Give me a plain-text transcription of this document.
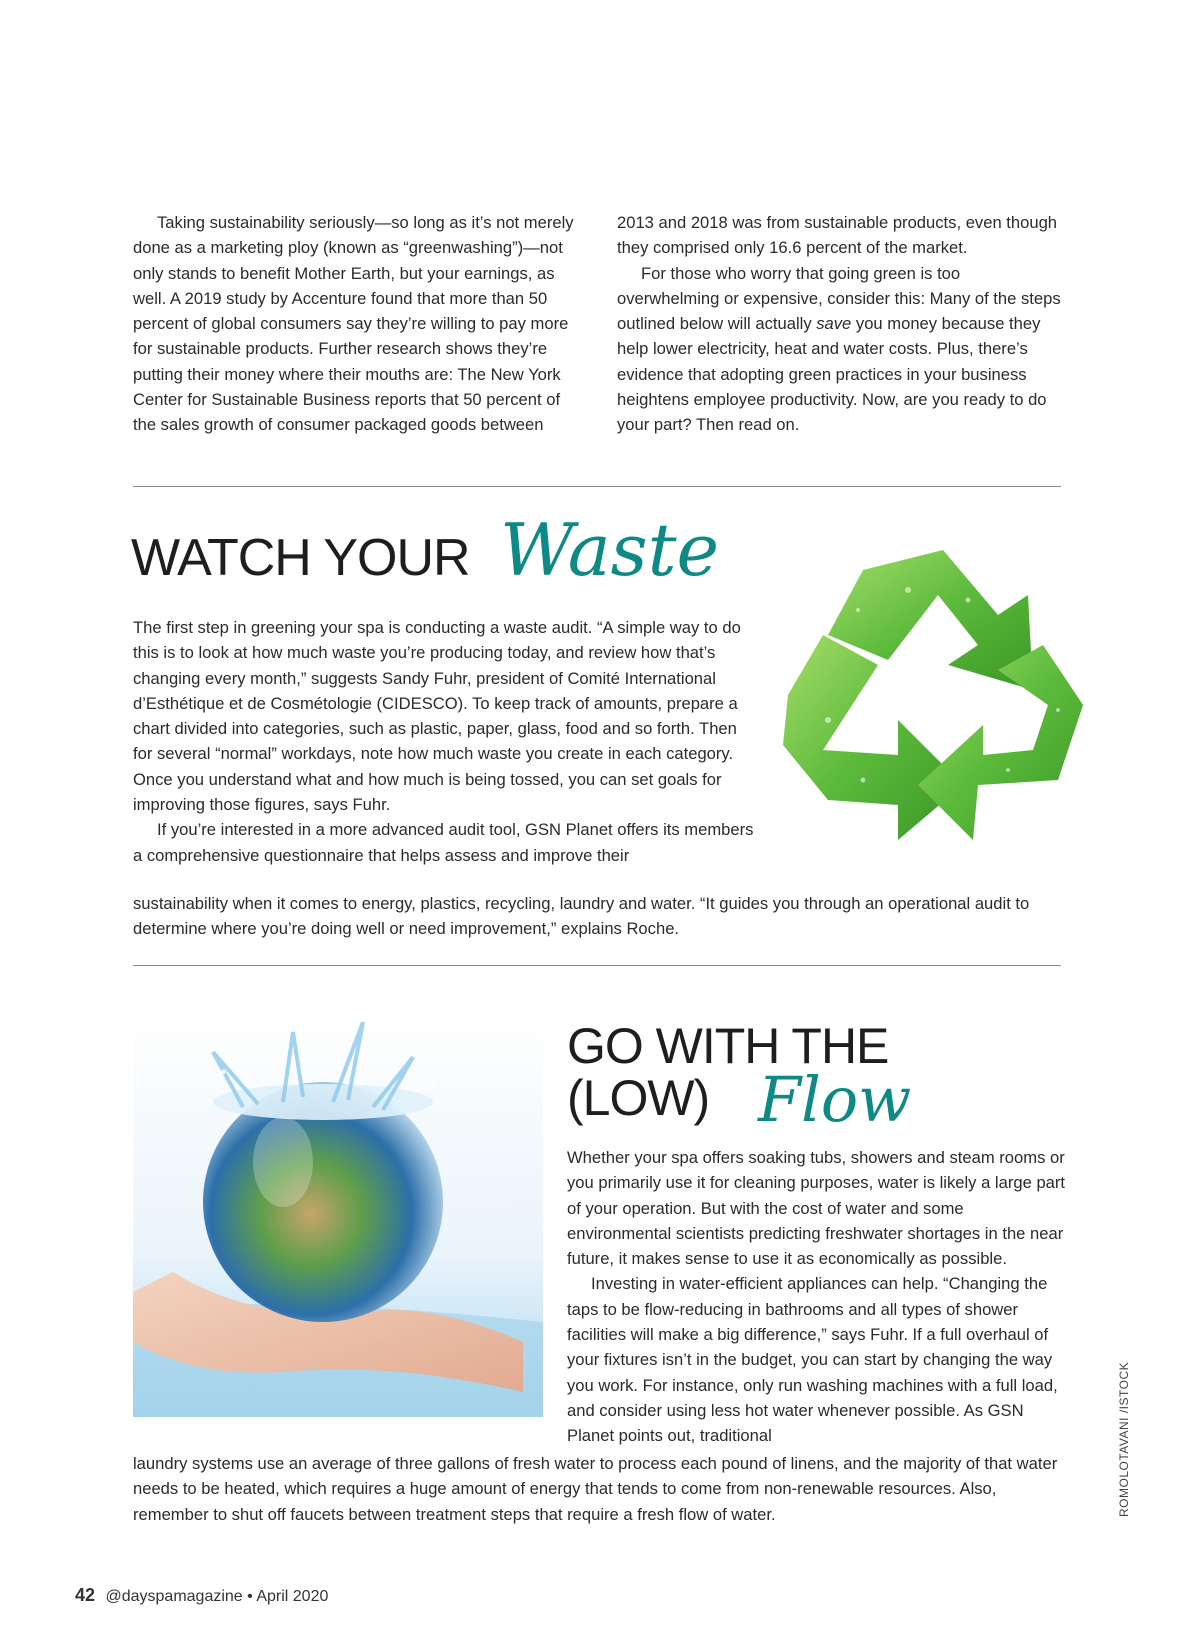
Taking sustainability seriously—so long as it’s not merely done as a marketing ploy (known as “greenwashing”)—not only stands to benefit Mother Earth, but your earnings, as well. A 2019 study by Accenture found that more than 50 percent of global consumers say they’re willing to pay more for sustainable products. Further research shows they’re putting their money where their mouths are: The New York Center for Sustainable Business reports that 50 percent of the sales growth of consumer packaged goods between 2013 and 2018 was from sustainable products, even though they comprised only 16.6 percent of the market.

For those who worry that going green is too overwhelming or expensive, consider this: Many of the steps outlined below will actually save you money because they help lower electricity, heat and water costs. Plus, there’s evidence that adopting green practices in your business heightens employee productivity. Now, are you ready to do your part? Then read on.

WATCH YOUR Waste

The first step in greening your spa is conducting a waste audit. “A simple way to do this is to look at how much waste you’re producing today, and review how that’s changing every month,” suggests Sandy Fuhr, president of Comité International d’Esthétique et de Cosmétologie (CIDESCO). To keep track of amounts, prepare a chart divided into categories, such as plastic, paper, glass, food and so forth. Then for several “normal” workdays, note how much waste you create in each category. Once you understand what and how much is being tossed, you can set goals for improving those figures, says Fuhr.

If you’re interested in a more advanced audit tool, GSN Planet offers its members a comprehensive questionnaire that helps assess and improve their

sustainability when it comes to energy, plastics, recycling, laundry and water. “It guides you through an operational audit to determine where you’re doing well or need improvement,” explains Roche.

GO WITH THE
(LOW) Flow

Whether your spa offers soaking tubs, showers and steam rooms or you primarily use it for cleaning purposes, water is likely a large part of your operation. But with the cost of water and some environmental scientists predicting freshwater shortages in the near future, it makes sense to use it as economically as possible.

Investing in water-efficient appliances can help. “Changing the taps to be flow-reducing in bathrooms and all types of shower facilities will make a big difference,” says Fuhr. If a full overhaul of your fixtures isn’t in the budget, you can start by changing the way you work. For instance, only run washing machines with a full load, and consider using less hot water whenever possible. As GSN Planet points out, traditional

laundry systems use an average of three gallons of fresh water to process each pound of linens, and the majority of that water needs to be heated, which requires a huge amount of energy that tends to come from non-renewable resources. Also, remember to shut off faucets between treatment steps that require a fresh flow of water.	ROMOLOTAVANI /ISTOCK
42 @dayspamagazine • April 2020
